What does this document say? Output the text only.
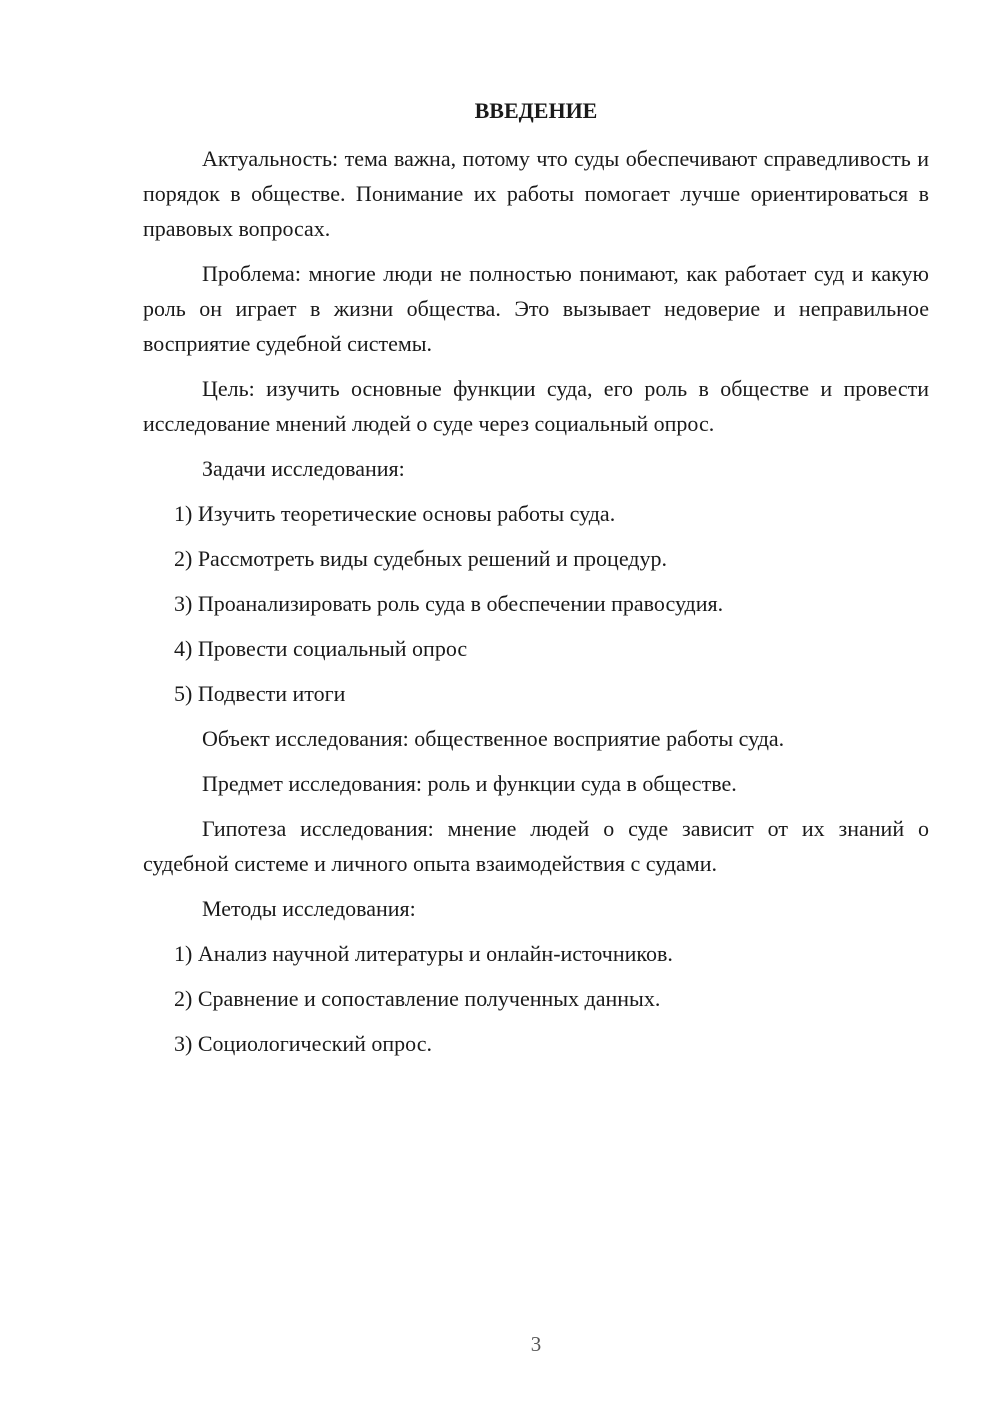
ВВЕДЕНИЕ

Актуальность: тема важна, потому что суды обеспечивают справедливость и порядок в обществе. Понимание их работы помогает лучше ориентироваться в правовых вопросах.

Проблема: многие люди не полностью понимают, как работает суд и какую роль он играет в жизни общества. Это вызывает недоверие и неправильное восприятие судебной системы.

Цель: изучить основные функции суда, его роль в обществе и провести исследование мнений людей о суде через социальный опрос.

Задачи исследования:

1) Изучить теоретические основы работы суда.
2) Рассмотреть виды судебных решений и процедур.
3) Проанализировать роль суда в обеспечении правосудия.
4) Провести социальный опрос
5) Подвести итоги

Объект исследования: общественное восприятие работы суда.

Предмет исследования: роль и функции суда в обществе.

Гипотеза исследования: мнение людей о суде зависит от их знаний о судебной системе и личного опыта взаимодействия с судами.

Методы исследования:

1) Анализ научной литературы и онлайн-источников.
2) Сравнение и сопоставление полученных данных.
3) Социологический опрос.
3
